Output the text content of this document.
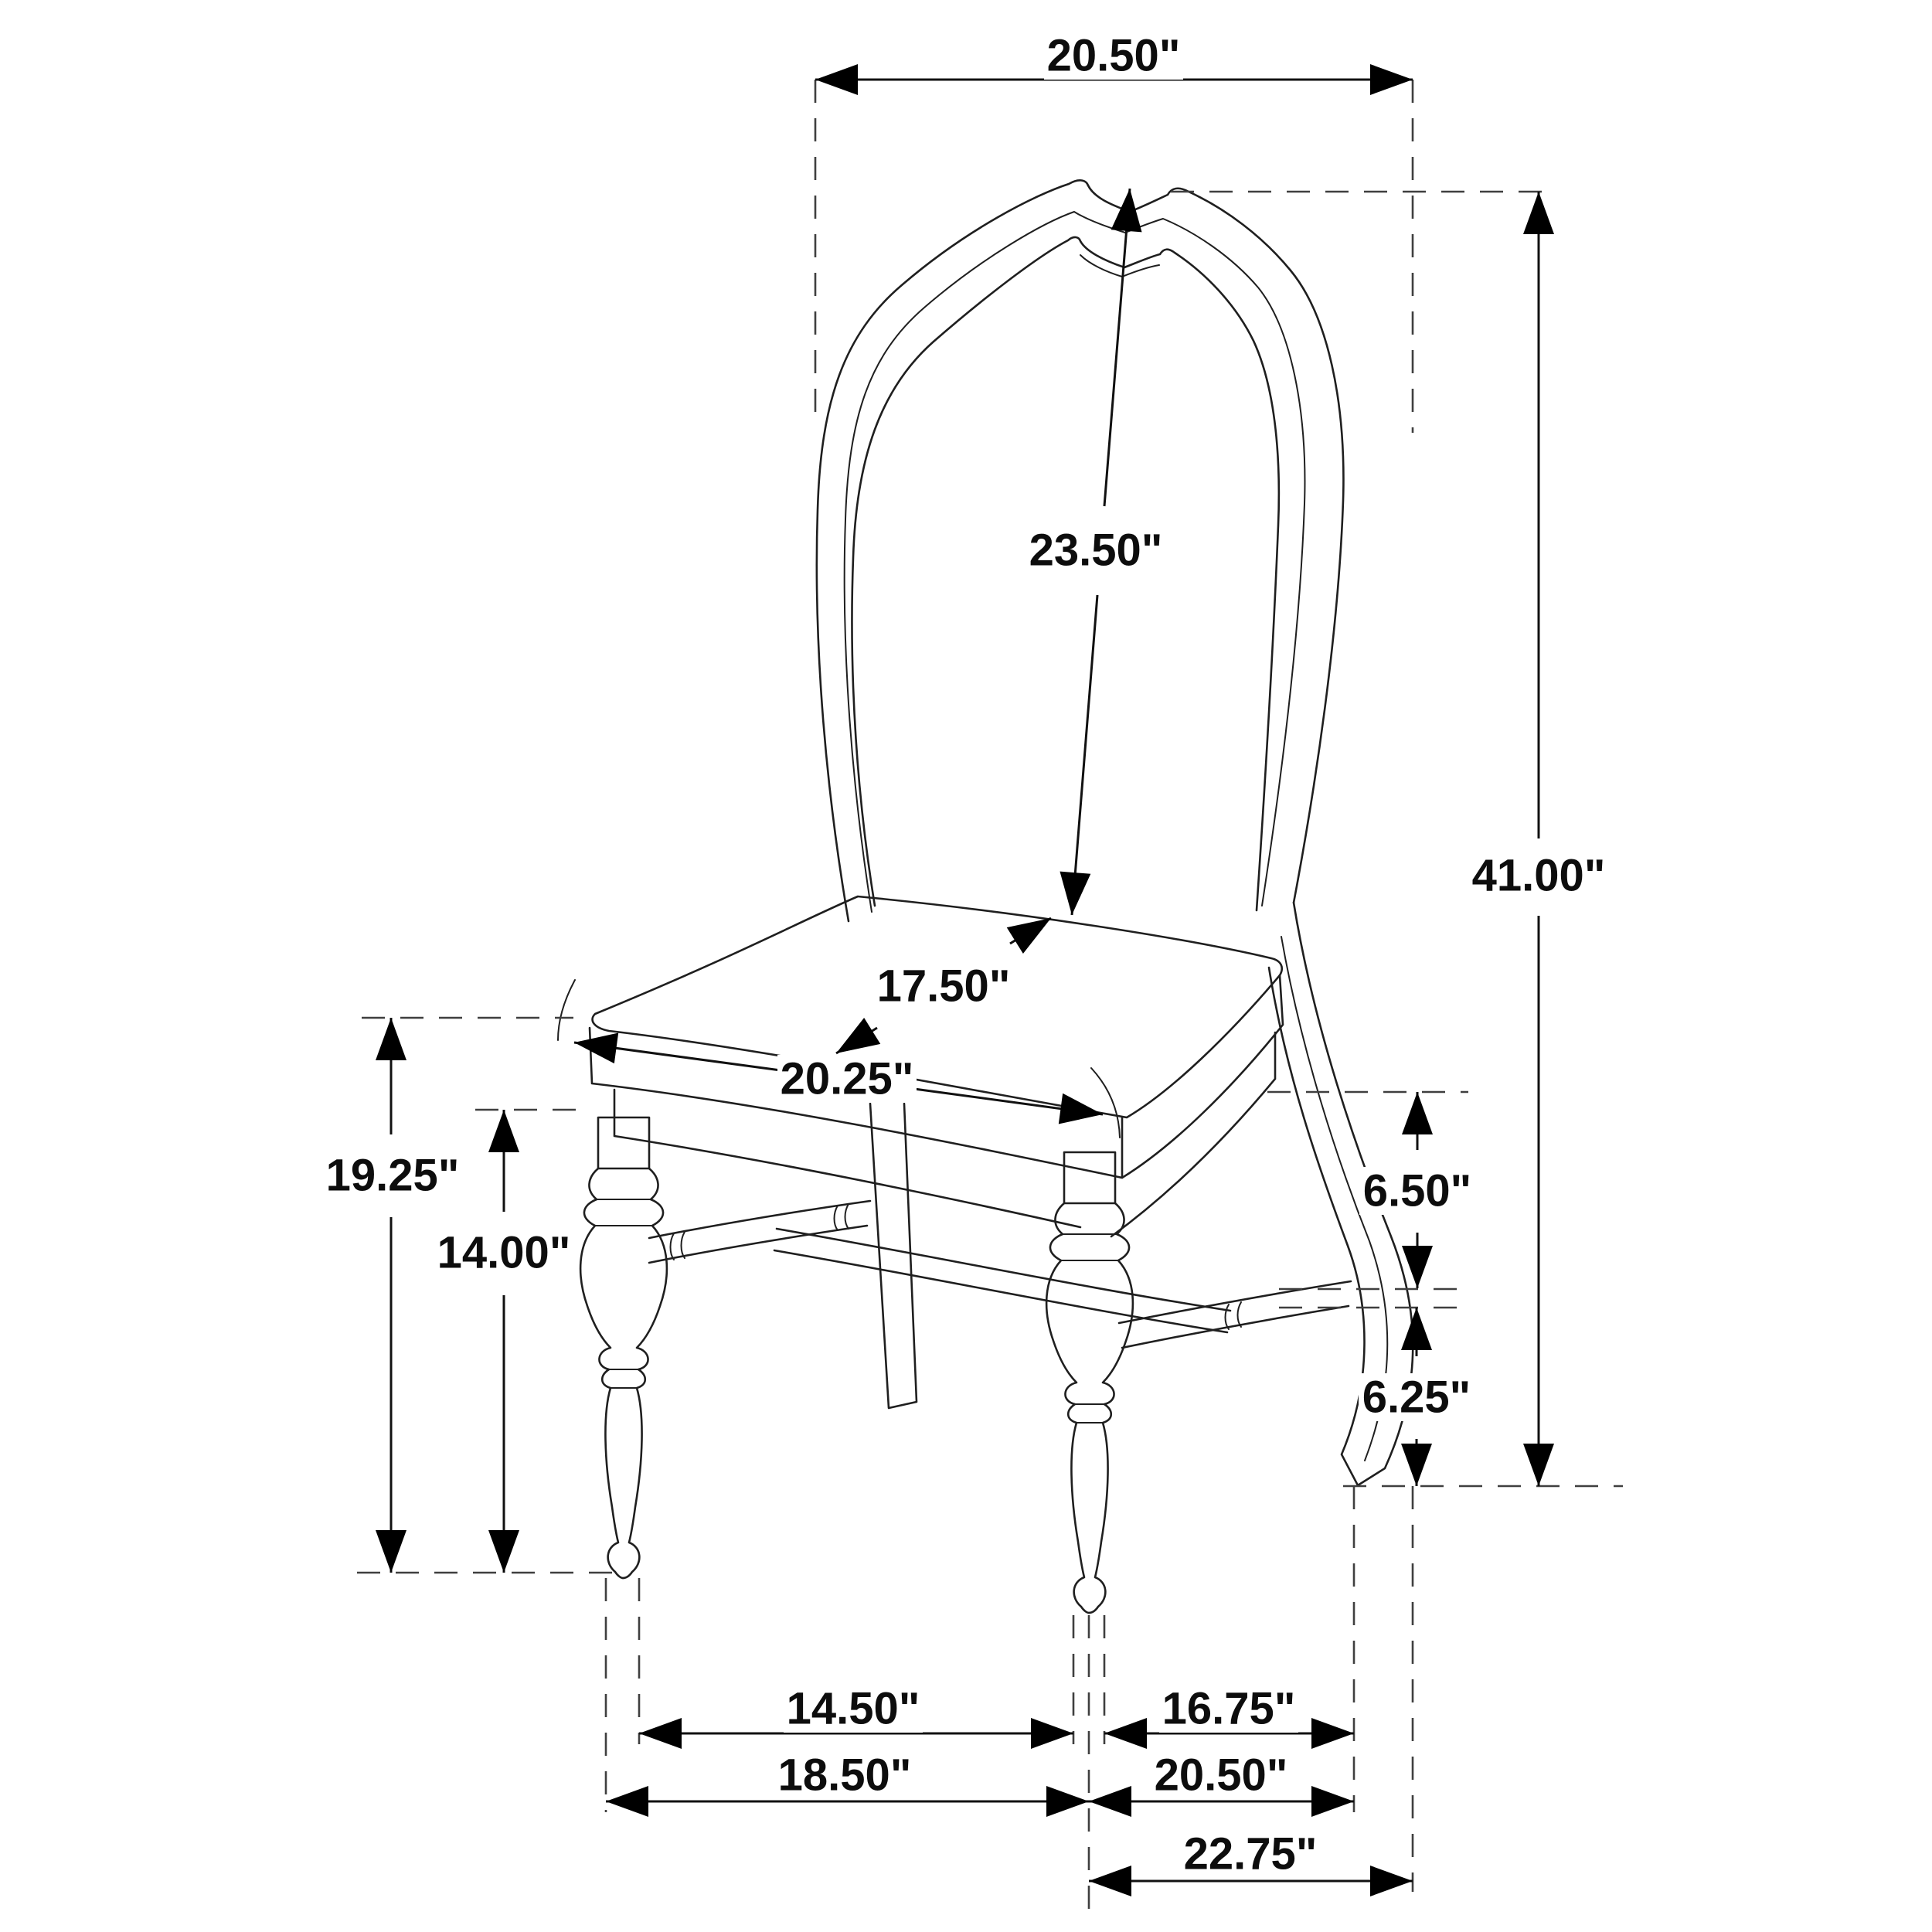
20.50"
23.50"
41.00"
19.25"
14.00"
17.50"
20.25"
6.50"
6.25"
14.50"	16.75"
18.50"	20.50"
22.75"
